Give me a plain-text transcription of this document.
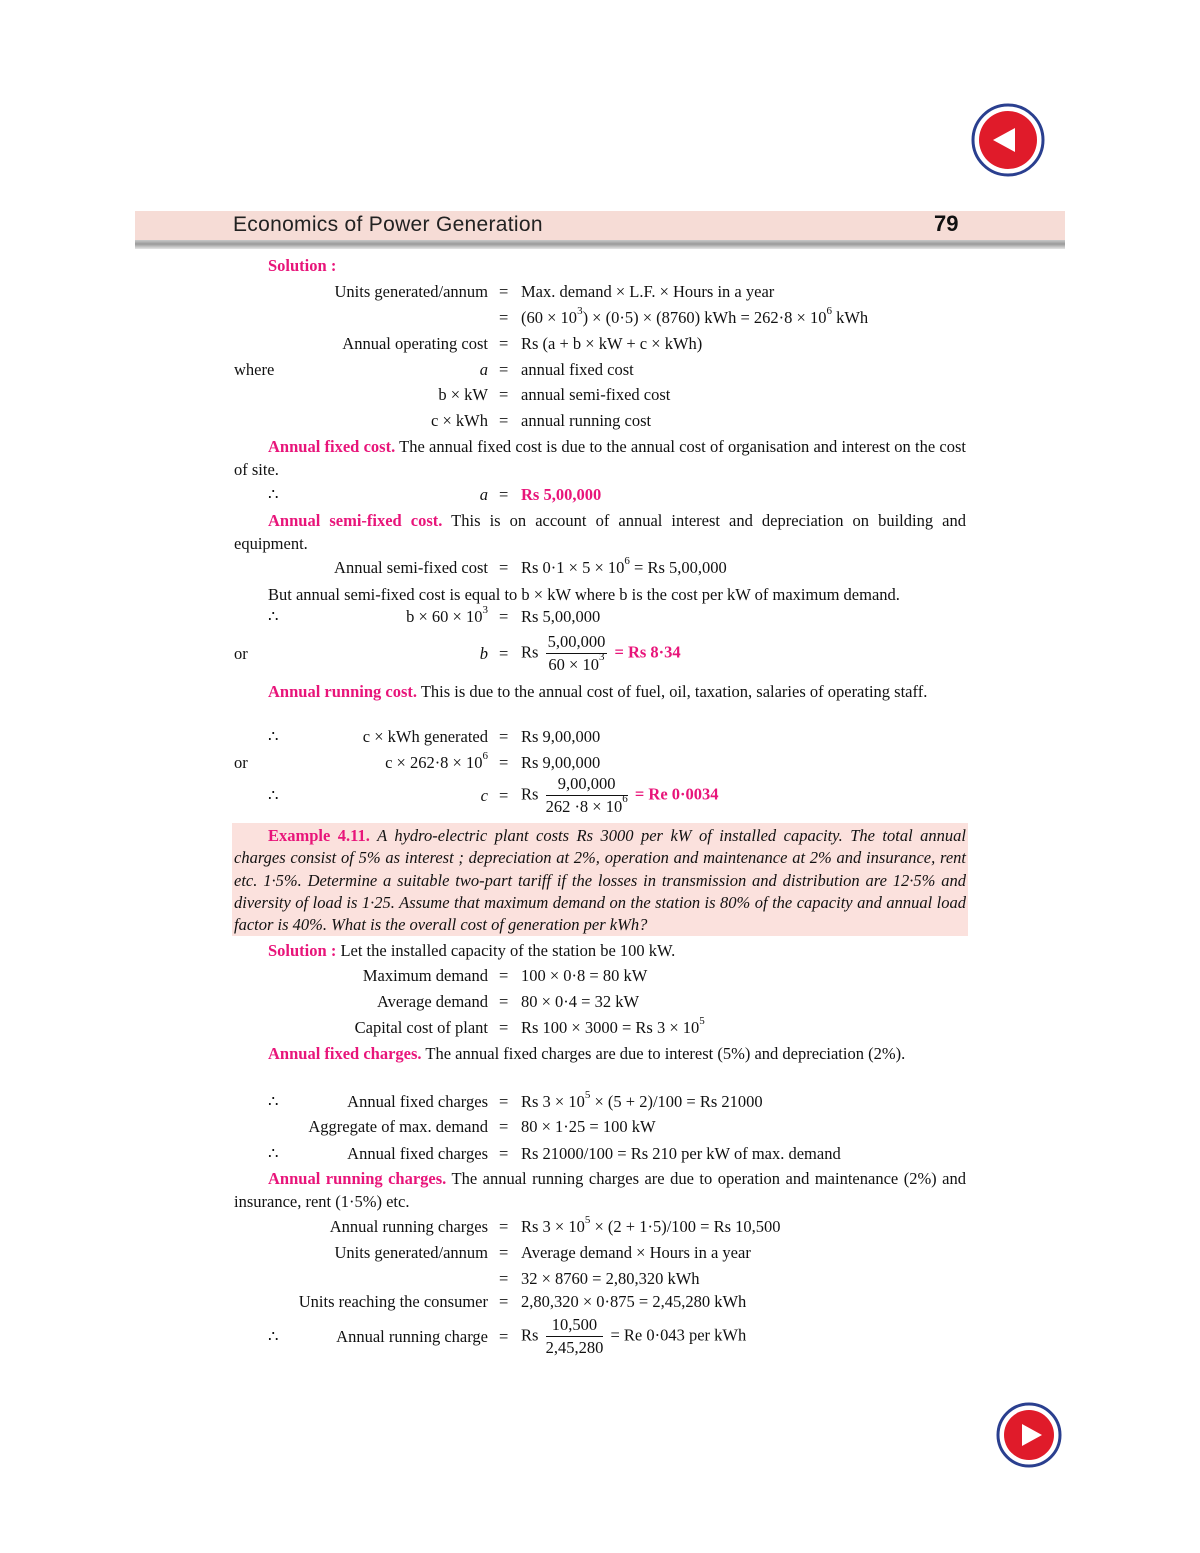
Economics of Power Generation	79
Solution :
Units generated/annum = Max. demand × L.F. × Hours in a year
= $(60 \times 10^3) \times (0\cdot 5) \times (8760)$ kWh = $262\cdot 8 \times 10^6$ kWh
Annual operating cost = Rs (a + b × kW + c × kWh)
where	a = annual fixed cost
b × kW = annual semi-fixed cost
c × kWh = annual running cost
Annual fixed cost. The annual fixed cost is due to the annual cost of organisation and interest on the cost of site.
∴	a = Rs 5,00,000
Annual semi-fixed cost. This is on account of annual interest and depreciation on building and equipment.
Annual semi-fixed cost = Rs $0\cdot 1 \times 5 \times 10^6 = Rs$ 5,00,000
But annual semi-fixed cost is equal to b × kW where b is the cost per kW of maximum demand.
∴	$b \times 60 \times 10^3 = Rs$ 5,00,000
or	b = Rs $\frac{5,00,000}{60 \times 10^3} = Rs$ 8·34
Annual running cost. This is due to the annual cost of fuel, oil, taxation, salaries of operating staff.
∴	c × kWh generated = Rs 9,00,000
or	$c \times 262\cdot 8 \times 10^6 = Rs$ 9,00,000
∴	c = Rs $\frac{9,00,000}{262 \cdot 8 \times 10^6} = Re$ 0·0034
Example 4.11. A hydro-electric plant costs Rs 3000 per kW of installed capacity. The total annual charges consist of 5% as interest ; depreciation at 2%, operation and maintenance at 2% and insurance, rent etc. 1·5%. Determine a suitable two-part tariff if the losses in transmission and distribution are 12·5% and diversity of load is 1·25. Assume that maximum demand on the station is 80% of the capacity and annual load factor is 40%. What is the overall cost of generation per kWh?
Solution : Let the installed capacity of the station be 100 kW.
Maximum demand = 100 × 0·8 = 80 kW
Average demand = 80 × 0·4 = 32 kW
Capital cost of plant = Rs 100 × 3000 = Rs $3 \times 10^5$
Annual fixed charges. The annual fixed charges are due to interest (5%) and depreciation (2%).
∴	Annual fixed charges = Rs $3 \times 10^5 \times (5 + 2)/100 = Rs$ 21000
Aggregate of max. demand = 80 × 1·25 = 100 kW
∴	Annual fixed charges = Rs 21000/100 = Rs 210 per kW of max. demand
Annual running charges. The annual running charges are due to operation and maintenance (2%) and insurance, rent (1·5%) etc.
Annual running charges = Rs $3 \times 10^5 \times (2 + 1\cdot 5)/100 = Rs$ 10,500
Units generated/annum = Average demand × Hours in a year
= 32 × 8760 = 2,80,320 kWh
Units reaching the consumer = 2,80,320 × 0·875 = 2,45,280 kWh
∴	Annual running charge = Rs $\frac{10,500}{2,45,280} = Re$ 0·043 per kWh
